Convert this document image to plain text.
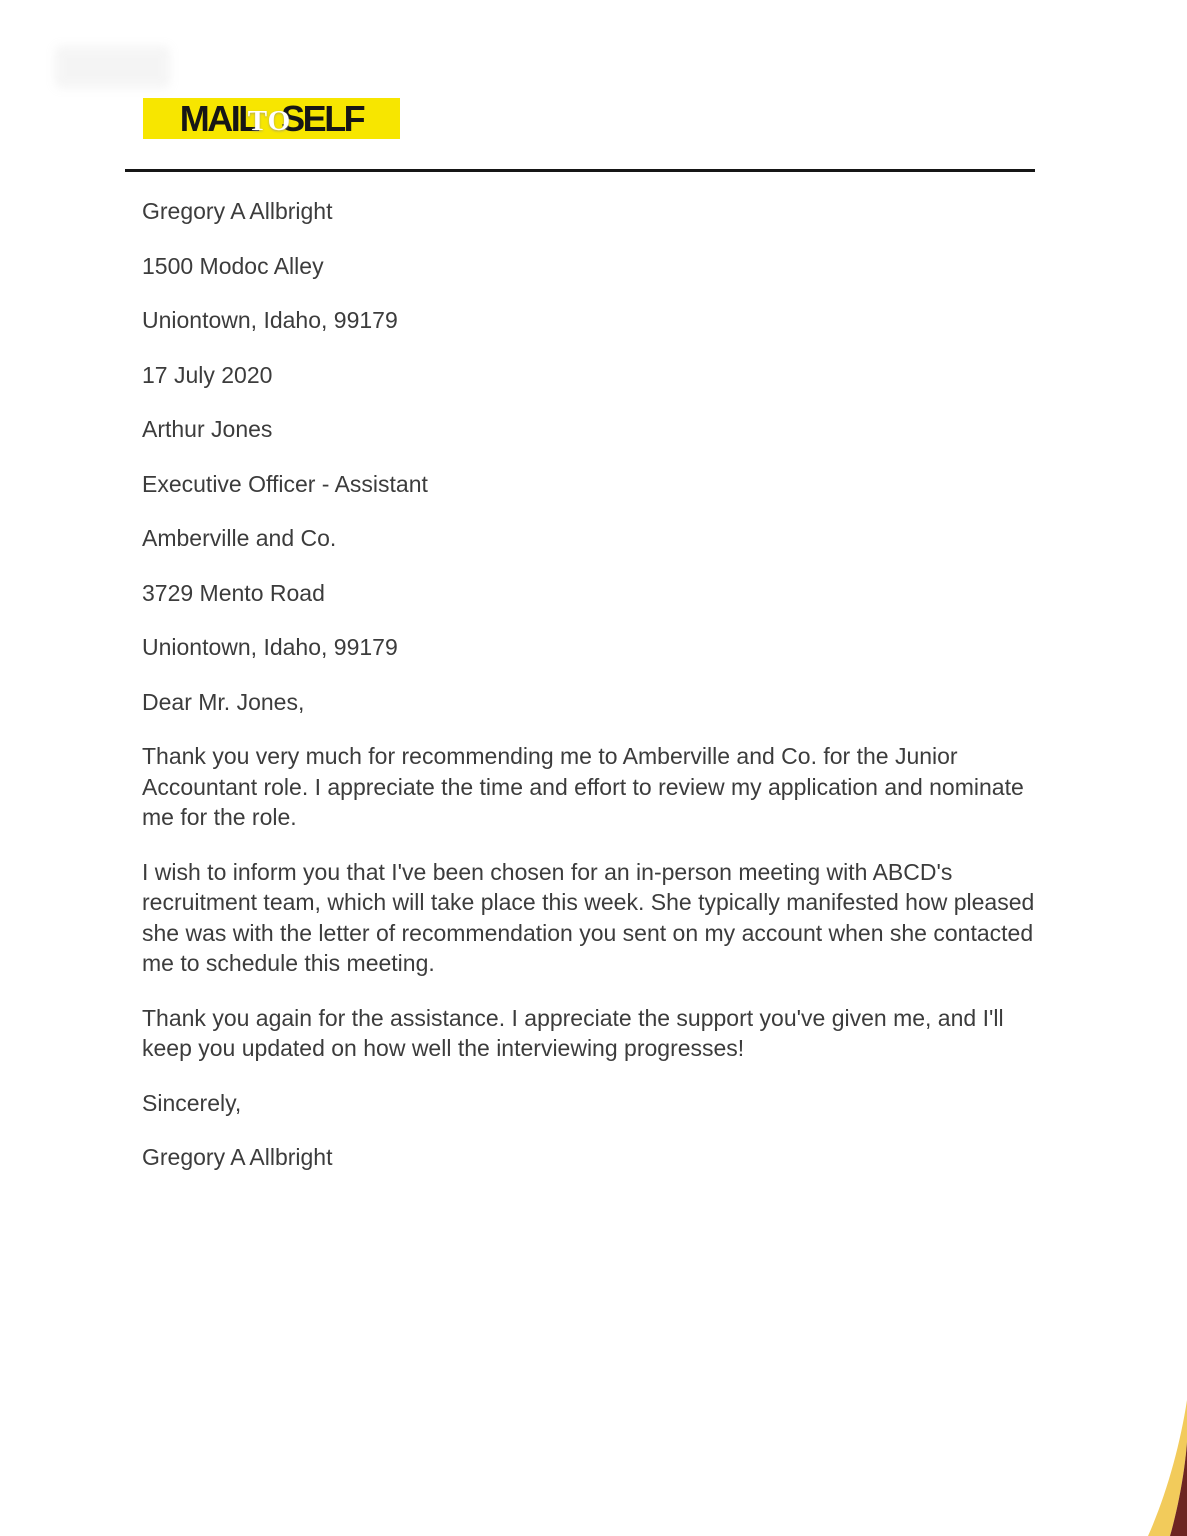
MAIL
TO
SELF

Gregory A Allbright

1500 Modoc Alley

Uniontown, Idaho, 99179

17 July 2020

Arthur Jones

Executive Officer - Assistant

Amberville and Co.

3729 Mento Road

Uniontown, Idaho, 99179

Dear Mr. Jones,

Thank you very much for recommending me to Amberville and Co. for the Junior Accountant role. I appreciate the time and effort to review my application and nominate me for the role.

I wish to inform you that I've been chosen for an in-person meeting with ABCD's recruitment team, which will take place this week. She typically manifested how pleased she was with the letter of recommendation you sent on my account when she contacted me to schedule this meeting.

Thank you again for the assistance. I appreciate the support you've given me, and I'll keep you updated on how well the interviewing progresses!

Sincerely,

Gregory A Allbright
